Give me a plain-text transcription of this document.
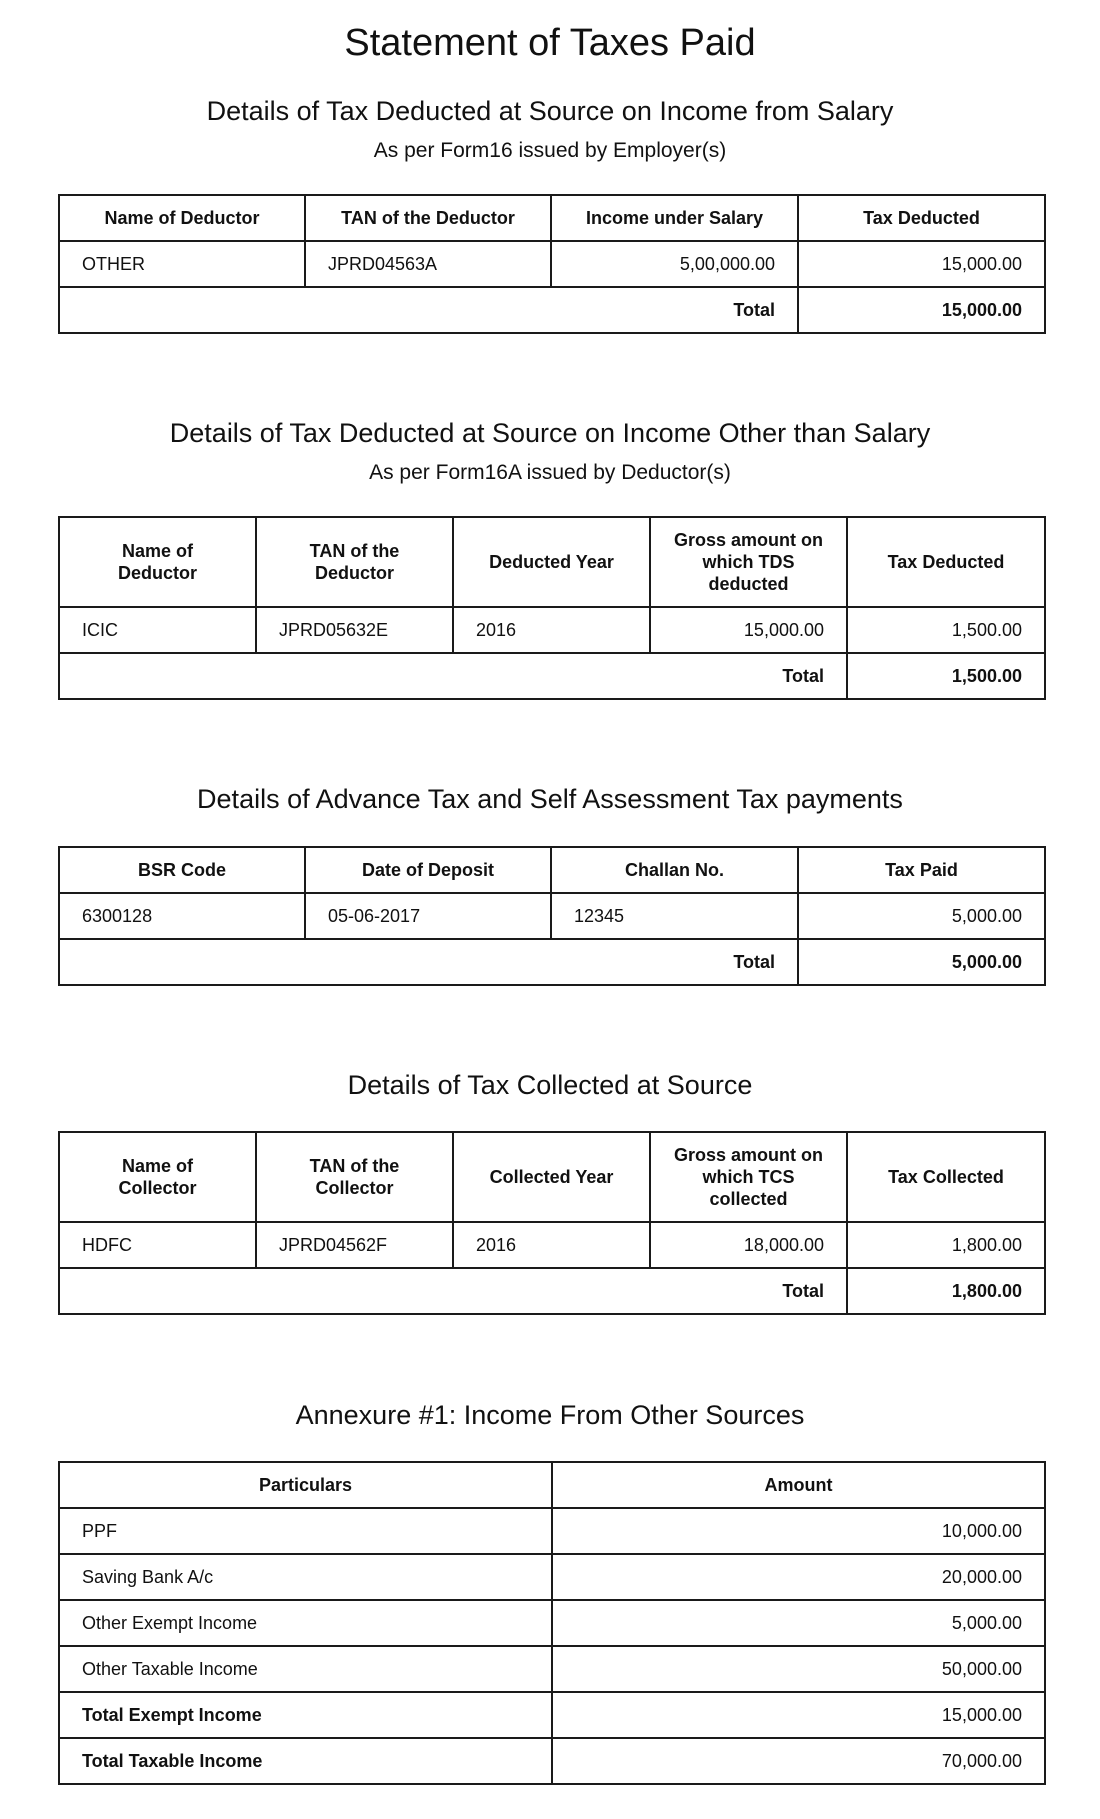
Statement of Taxes Paid
Details of Tax Deducted at Source on Income from Salary
As per Form16 issued by Employer(s)
Name of Deductor	TAN of the Deductor	Income under Salary	Tax Deducted
OTHER	JPRD04563A	5,00,000.00	15,000.00
Total			15,000.00
Details of Tax Deducted at Source on Income Other than Salary
As per Form16A issued by Deductor(s)
Name of Deductor	TAN of the Deductor	Deducted Year	Gross amount on which TDS deducted	Tax Deducted
ICIC	JPRD05632E	2016	15,000.00	1,500.00
Total				1,500.00
Details of Advance Tax and Self Assessment Tax payments
BSR Code	Date of Deposit	Challan No.	Tax Paid
6300128	05-06-2017	12345	5,000.00
Total			5,000.00
Details of Tax Collected at Source
Name of Collector	TAN of the Collector	Collected Year	Gross amount on which TCS collected	Tax Collected
HDFC	JPRD04562F	2016	18,000.00	1,800.00
Total				1,800.00
Annexure #1: Income From Other Sources
Particulars	Amount
PPF	10,000.00
Saving Bank A/c	20,000.00
Other Exempt Income	5,000.00
Other Taxable Income	50,000.00
Total Exempt Income	15,000.00
Total Taxable Income	70,000.00
